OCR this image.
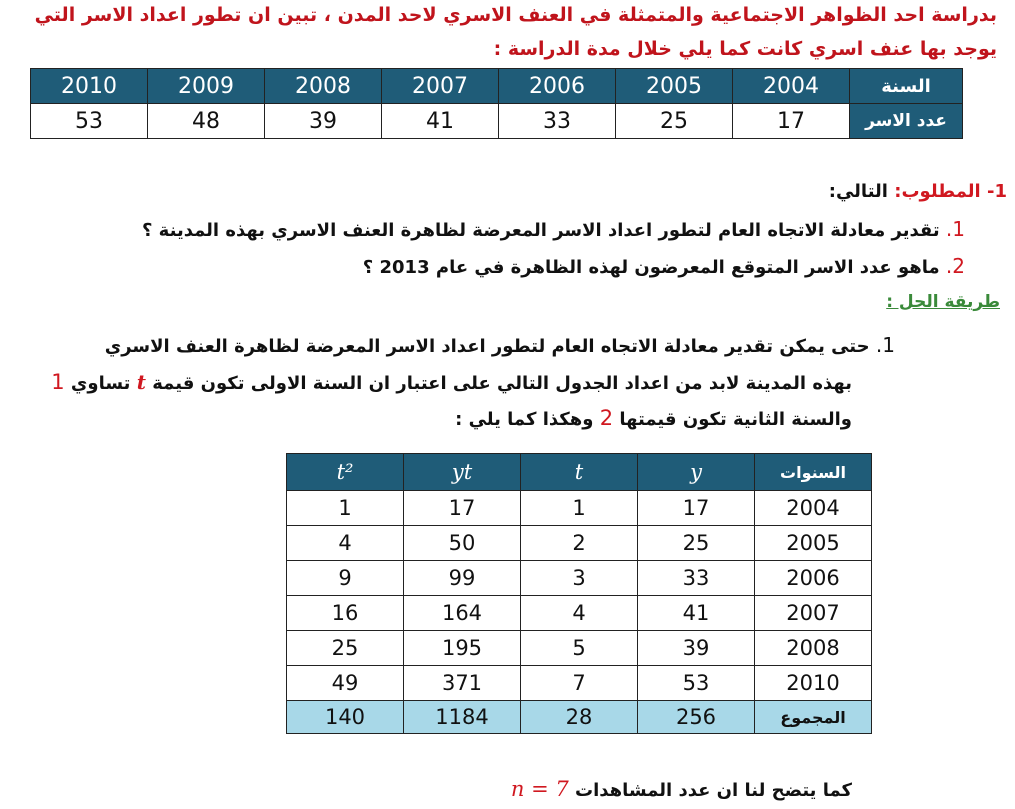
بدراسة احد الظواهر الاجتماعية والمتمثلة في العنف الاسري لاحد المدن ، تبين ان تطور اعداد الاسر التي
يوجد بها عنف اسري كانت كما يلي خلال مدة الدراسة :
2010	2009	2008	2007	2006	2005	2004	السنة
53	48	39	41	33	25	17	عدد الاسر
1- المطلوب: التالي:
1. تقدير معادلة الاتجاه العام لتطور اعداد الاسر المعرضة لظاهرة العنف الاسري بهذه المدينة ؟
2. ماهو عدد الاسر المتوقع المعرضون لهذه الظاهرة في عام 2013 ؟
طريقة الحل :
1. حتى يمكن تقدير معادلة الاتجاه العام لتطور اعداد الاسر المعرضة لظاهرة العنف الاسري
بهذه المدينة لابد من اعداد الجدول التالي على اعتبار ان السنة الاولى تكون قيمة t تساوي 1
والسنة الثانية تكون قيمتها 2 وهكذا كما يلي :
t²	yt	t	y	السنوات
1	17	1	17	2004
4	50	2	25	2005
9	99	3	33	2006
16	164	4	41	2007
25	195	5	39	2008
49	371	7	53	2010
140	1184	28	256	المجموع
كما يتضح لنا ان عدد المشاهدات n = 7
